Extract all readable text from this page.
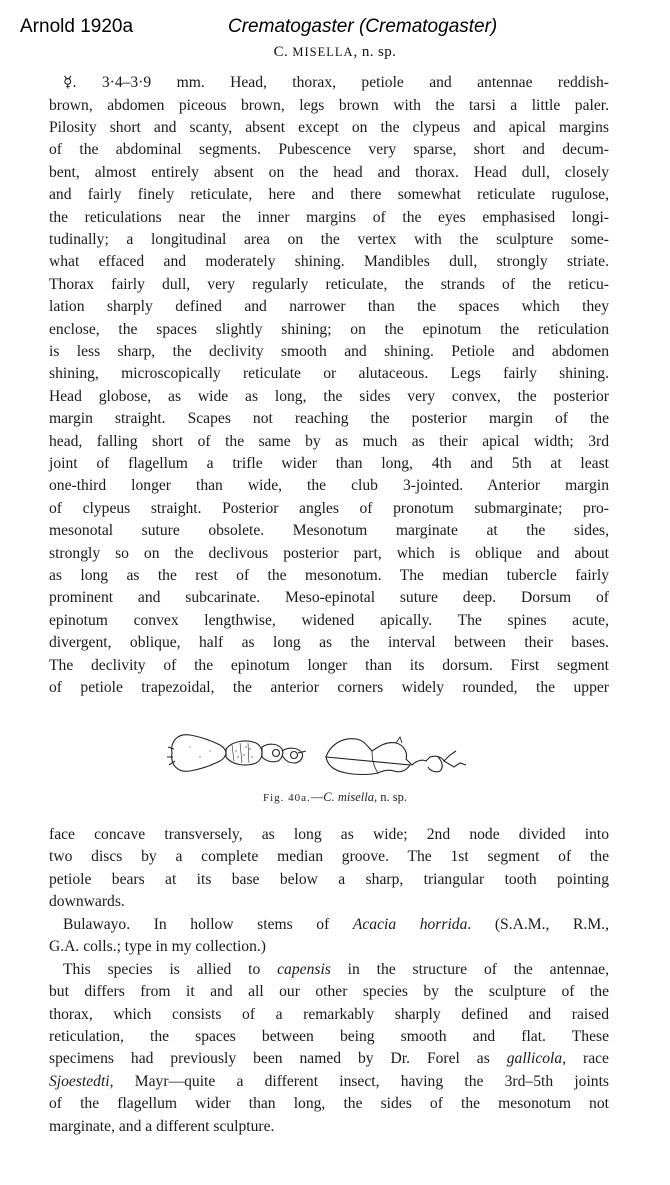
Arnold 1920a	Crematogaster (Crematogaster)
C. MISELLA, n. sp.
☿. 3·4–3·9 mm. Head, thorax, petiole and antennae reddish-
brown, abdomen piceous brown, legs brown with the tarsi a little paler.
Pilosity short and scanty, absent except on the clypeus and apical margins
of the abdominal segments. Pubescence very sparse, short and decum-
bent, almost entirely absent on the head and thorax. Head dull, closely
and fairly finely reticulate, here and there somewhat reticulate rugulose,
the reticulations near the inner margins of the eyes emphasised longi-
tudinally; a longitudinal area on the vertex with the sculpture some-
what effaced and moderately shining. Mandibles dull, strongly striate.
Thorax fairly dull, very regularly reticulate, the strands of the reticu-
lation sharply defined and narrower than the spaces which they
enclose, the spaces slightly shining; on the epinotum the reticulation
is less sharp, the declivity smooth and shining. Petiole and abdomen
shining, microscopically reticulate or alutaceous. Legs fairly shining.
Head globose, as wide as long, the sides very convex, the posterior
margin straight. Scapes not reaching the posterior margin of the
head, falling short of the same by as much as their apical width; 3rd
joint of flagellum a trifle wider than long, 4th and 5th at least
one-third longer than wide, the club 3-jointed. Anterior margin
of clypeus straight. Posterior angles of pronotum submarginate; pro-
mesonotal suture obsolete. Mesonotum marginate at the sides,
strongly so on the declivous posterior part, which is oblique and about
as long as the rest of the mesonotum. The median tubercle fairly
prominent and subcarinate. Meso-epinotal suture deep. Dorsum of
epinotum convex lengthwise, widened apically. The spines acute,
divergent, oblique, half as long as the interval between their bases.
The declivity of the epinotum longer than its dorsum. First segment
of petiole trapezoidal, the anterior corners widely rounded, the upper
Fig. 40a.—C. misella, n. sp.
face concave transversely, as long as wide; 2nd node divided into
two discs by a complete median groove. The 1st segment of the
petiole bears at its base below a sharp, triangular tooth pointing
downwards.
Bulawayo. In hollow stems of Acacia horrida. (S.A.M., R.M.,
G.A. colls.; type in my collection.)
This species is allied to capensis in the structure of the antennae,
but differs from it and all our other species by the sculpture of the
thorax, which consists of a remarkably sharply defined and raised
reticulation, the spaces between being smooth and flat. These
specimens had previously been named by Dr. Forel as gallicola, race
Sjoestedti, Mayr—quite a different insect, having the 3rd–5th joints
of the flagellum wider than long, the sides of the mesonotum not
marginate, and a different sculpture.
